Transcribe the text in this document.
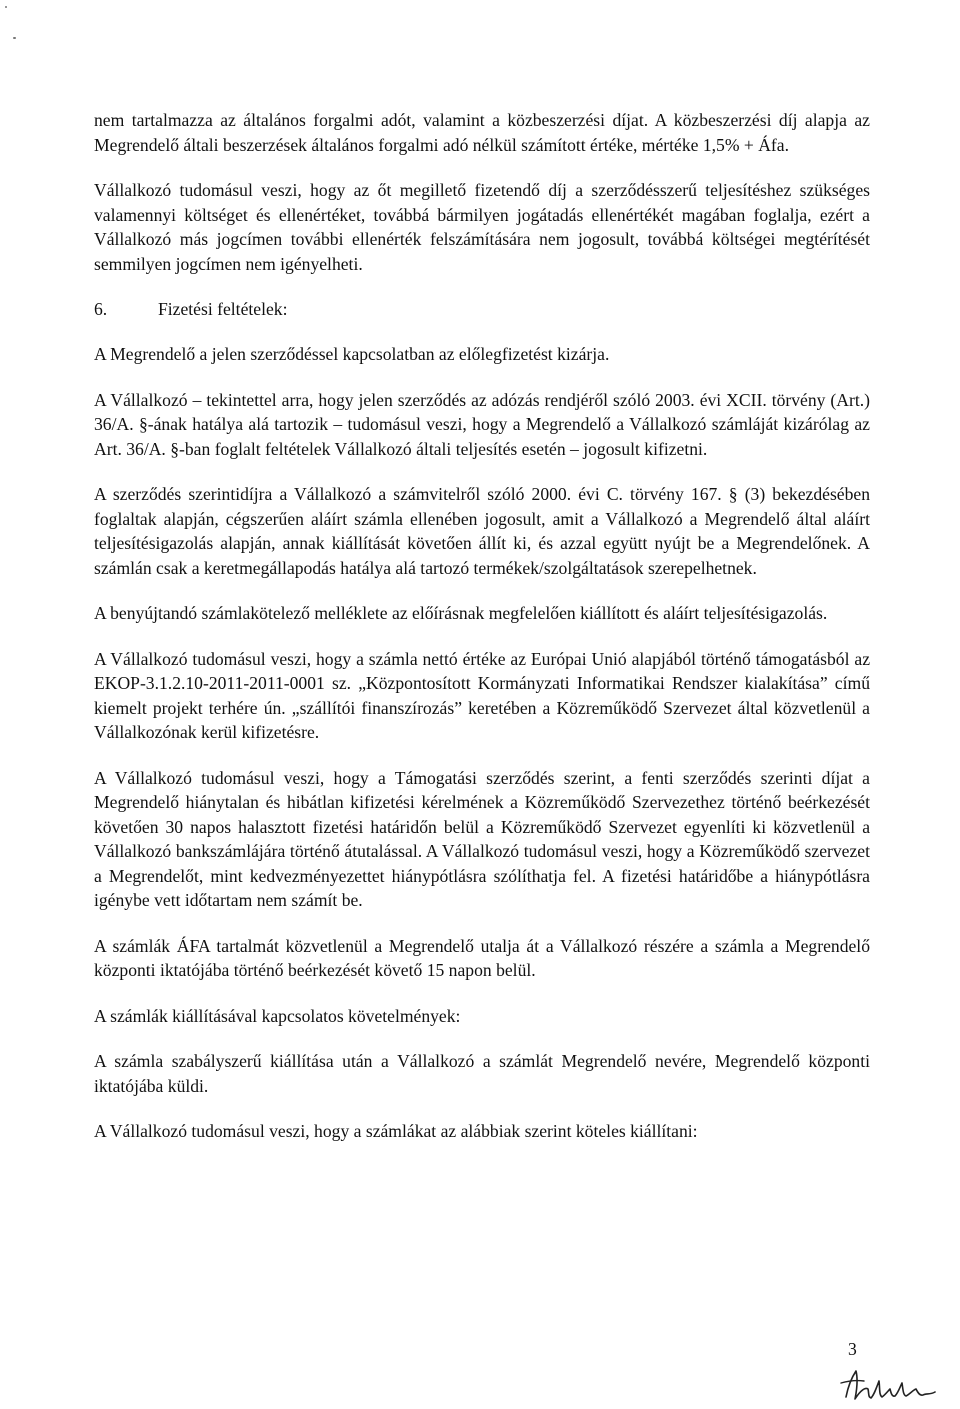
nem tartalmazza az általános forgalmi adót, valamint a közbeszerzési díjat. A közbeszerzési díj alapja az Megrendelő általi beszerzések általános forgalmi adó nélkül számított értéke, mértéke 1,5% + Áfa.

Vállalkozó tudomásul veszi, hogy az őt megillető fizetendő díj a szerződésszerű teljesítéshez szükséges valamennyi költséget és ellenértéket, továbbá bármilyen jogátadás ellenértékét magában foglalja, ezért a Vállalkozó más jogcímen további ellenérték felszámítására nem jogosult, továbbá költségei megtérítését semmilyen jogcímen nem igényelheti.

6.	Fizetési feltételek:

A Megrendelő a jelen szerződéssel kapcsolatban az előlegfizetést kizárja.

A Vállalkozó – tekintettel arra, hogy jelen szerződés az adózás rendjéről szóló 2003. évi XCII. törvény (Art.) 36/A. §-ának hatálya alá tartozik – tudomásul veszi, hogy a Megrendelő a Vállalkozó számláját kizárólag az Art. 36/A. §-ban foglalt feltételek Vállalkozó általi teljesítés esetén – jogosult kifizetni.

A szerződés szerintidíjra a Vállalkozó a számvitelről szóló 2000. évi C. törvény 167. § (3) bekezdésében foglaltak alapján, cégszerűen aláírt számla ellenében jogosult, amit a Vállalkozó a Megrendelő által aláírt teljesítésigazolás alapján, annak kiállítását követően állít ki, és azzal együtt nyújt be a Megrendelőnek. A számlán csak a keretmegállapodás hatálya alá tartozó termékek/szolgáltatások szerepelhetnek.

A benyújtandó számlakötelező melléklete az előírásnak megfelelően kiállított és aláírt teljesítésigazolás.

A Vállalkozó tudomásul veszi, hogy a számla nettó értéke az Európai Unió alapjából történő támogatásból az EKOP-3.1.2.10-2011-2011-0001 sz. „Központosított Kormányzati Informatikai Rendszer kialakítása” című kiemelt projekt terhére ún. „szállítói finanszírozás” keretében a Közreműködő Szervezet által közvetlenül a Vállalkozónak kerül kifizetésre.

A Vállalkozó tudomásul veszi, hogy a Támogatási szerződés szerint, a fenti szerződés szerinti díjat a Megrendelő hiánytalan és hibátlan kifizetési kérelmének a Közreműködő Szervezethez történő beérkezését követően 30 napos halasztott fizetési határidőn belül a Közreműködő Szervezet egyenlíti ki közvetlenül a Vállalkozó bankszámlájára történő átutalással. A Vállalkozó tudomásul veszi, hogy a Közreműködő szervezet a Megrendelőt, mint kedvezményezettet hiánypótlásra szólíthatja fel. A fizetési határidőbe a hiánypótlásra igénybe vett időtartam nem számít be.

A számlák ÁFA tartalmát közvetlenül a Megrendelő utalja át a Vállalkozó részére a számla a Megrendelő központi iktatójába történő beérkezését követő 15 napon belül.

A számlák kiállításával kapcsolatos követelmények:

A számla szabályszerű kiállítása után a Vállalkozó a számlát Megrendelő nevére, Megrendelő központi iktatójába küldi.

A Vállalkozó tudomásul veszi, hogy a számlákat az alábbiak szerint köteles kiállítani:

3
